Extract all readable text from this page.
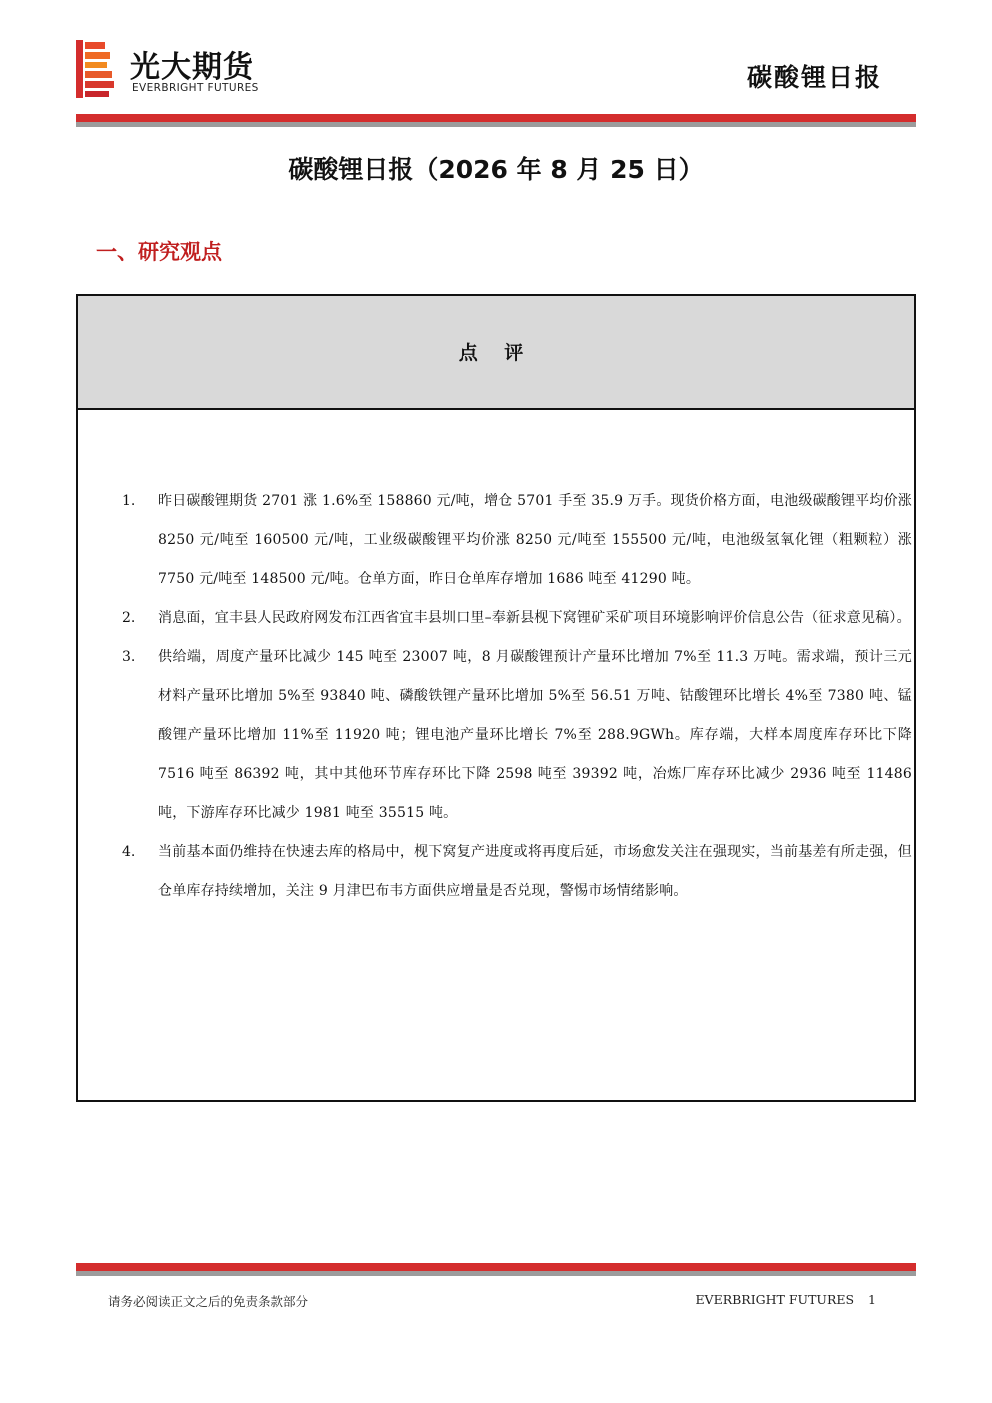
光大期货
EVERBRIGHT FUTURES	碳酸锂日报
碳酸锂日报（2026 年 8 月 25 日）
一、研究观点
点 评
1. 昨日碳酸锂期货 2701 涨 1.6%至 158860 元/吨，增仓 5701 手至 35.9 万手。现货价格方面，电池级碳酸锂平均价涨 8250 元/吨至 160500 元/吨，工业级碳酸锂平均价涨 8250 元/吨至 155500 元/吨，电池级氢氧化锂（粗颗粒）涨 7750 元/吨至 148500 元/吨。仓单方面，昨日仓单库存增加 1686 吨至 41290 吨。
2. 消息面，宜丰县人民政府网发布江西省宜丰县圳口里–奉新县枧下窝锂矿采矿项目环境影响评价信息公告（征求意见稿）。
3. 供给端，周度产量环比减少 145 吨至 23007 吨，8 月碳酸锂预计产量环比增加 7%至 11.3 万吨。需求端，预计三元材料产量环比增加 5%至 93840 吨、磷酸铁锂产量环比增加 5%至 56.51 万吨、钴酸锂环比增长 4%至 7380 吨、锰酸锂产量环比增加 11%至 11920 吨；锂电池产量环比增长 7%至 288.9GWh。库存端，大样本周度库存环比下降 7516 吨至 86392 吨，其中其他环节库存环比下降 2598 吨至 39392 吨，冶炼厂库存环比减少 2936 吨至 11486 吨，下游库存环比减少 1981 吨至 35515 吨。
4. 当前基本面仍维持在快速去库的格局中，枧下窝复产进度或将再度后延，市场愈发关注在强现实，当前基差有所走强，但仓单库存持续增加，关注 9 月津巴布韦方面供应增量是否兑现，警惕市场情绪影响。
请务必阅读正文之后的免责条款部分	EVERBRIGHT FUTURES 1
